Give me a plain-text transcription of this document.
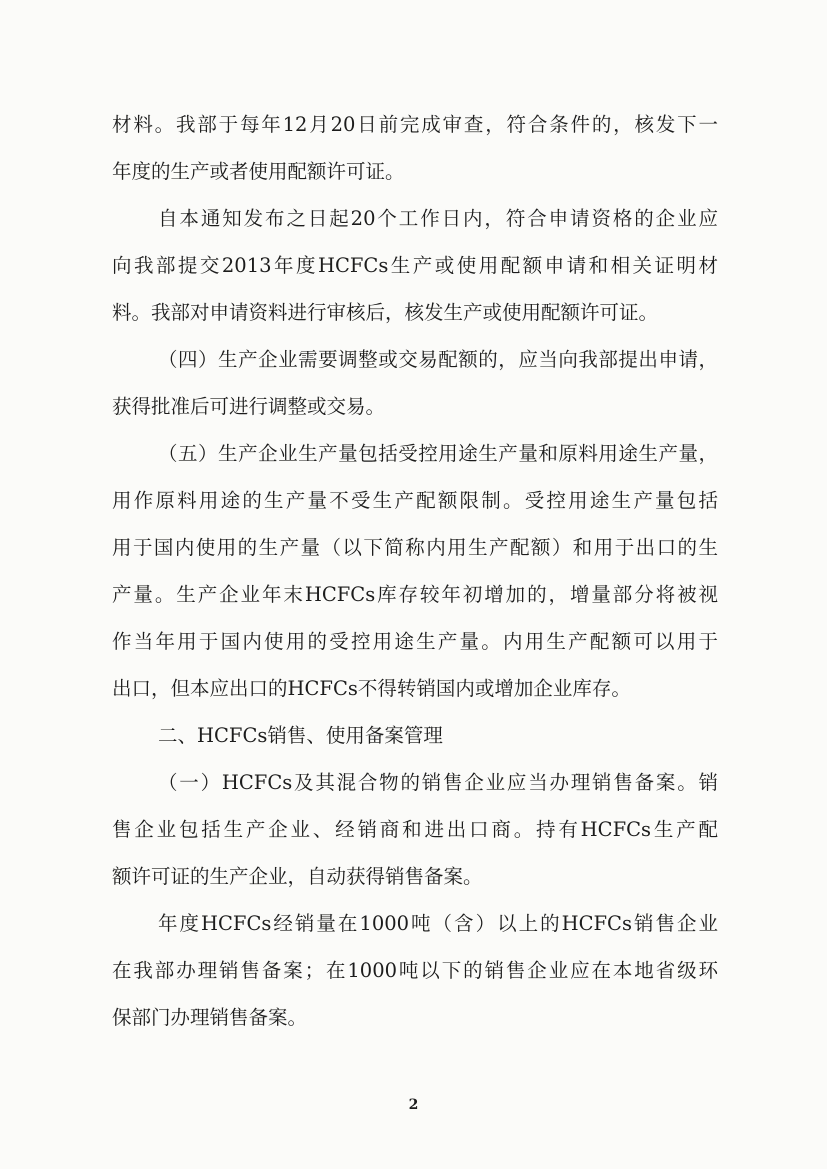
材料。我部于每年12月20日前完成审查，符合条件的，核发下一
年度的生产或者使用配额许可证。
自本通知发布之日起20个工作日内，符合申请资格的企业应
向我部提交2013年度HCFCs生产或使用配额申请和相关证明材
料。我部对申请资料进行审核后，核发生产或使用配额许可证。
（四）生产企业需要调整或交易配额的，应当向我部提出申请，
获得批准后可进行调整或交易。
（五）生产企业生产量包括受控用途生产量和原料用途生产量，
用作原料用途的生产量不受生产配额限制。受控用途生产量包括
用于国内使用的生产量（以下简称内用生产配额）和用于出口的生
产量。生产企业年末HCFCs库存较年初增加的，增量部分将被视
作当年用于国内使用的受控用途生产量。内用生产配额可以用于
出口，但本应出口的HCFCs不得转销国内或增加企业库存。
二、HCFCs销售、使用备案管理
（一）HCFCs及其混合物的销售企业应当办理销售备案。销
售企业包括生产企业、经销商和进出口商。持有HCFCs生产配
额许可证的生产企业，自动获得销售备案。
年度HCFCs经销量在1000吨（含）以上的HCFCs销售企业
在我部办理销售备案；在1000吨以下的销售企业应在本地省级环
保部门办理销售备案。
2
